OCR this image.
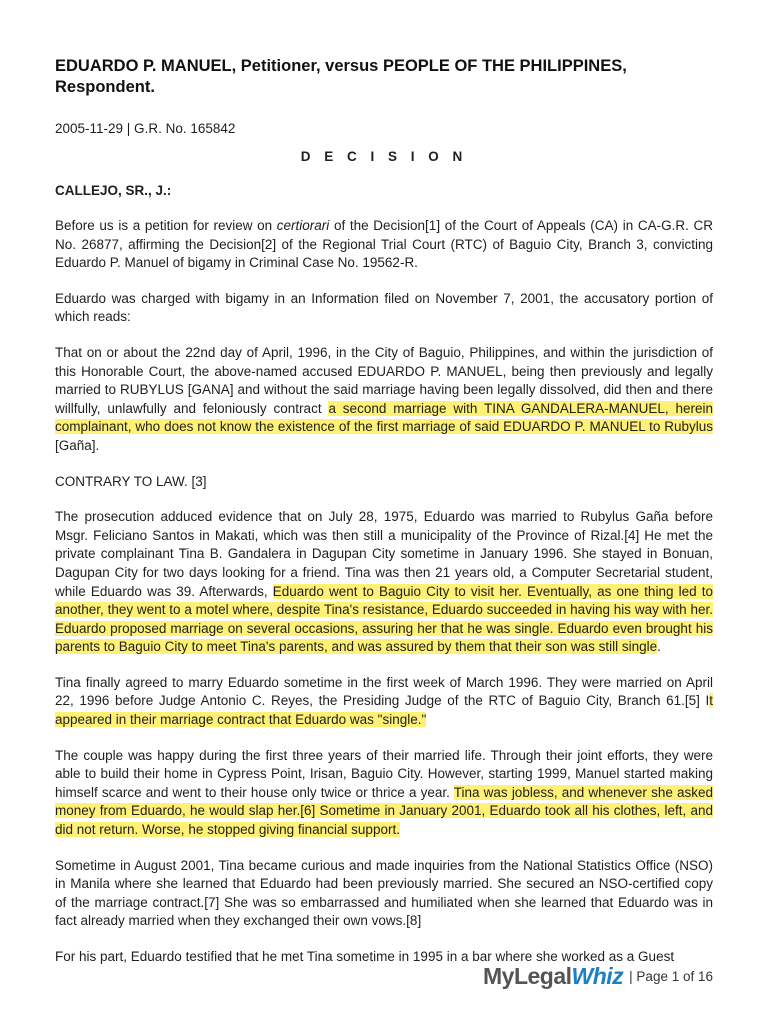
EDUARDO P. MANUEL, Petitioner, versus PEOPLE OF THE PHILIPPINES, Respondent.
2005-11-29 | G.R. No. 165842
D E C I S I O N
CALLEJO, SR., J.:

Before us is a petition for review on certiorari of the Decision[1] of the Court of Appeals (CA) in CA-G.R. CR No. 26877, affirming the Decision[2] of the Regional Trial Court (RTC) of Baguio City, Branch 3, convicting Eduardo P. Manuel of bigamy in Criminal Case No. 19562-R.

Eduardo was charged with bigamy in an Information filed on November 7, 2001, the accusatory portion of which reads:

That on or about the 22nd day of April, 1996, in the City of Baguio, Philippines, and within the jurisdiction of this Honorable Court, the above-named accused EDUARDO P. MANUEL, being then previously and legally married to RUBYLUS [GANA] and without the said marriage having been legally dissolved, did then and there willfully, unlawfully and feloniously contract a second marriage with TINA GANDALERA-MANUEL, herein complainant, who does not know the existence of the first marriage of said EDUARDO P. MANUEL to Rubylus [Gaña].

CONTRARY TO LAW. [3]

The prosecution adduced evidence that on July 28, 1975, Eduardo was married to Rubylus Gaña before Msgr. Feliciano Santos in Makati, which was then still a municipality of the Province of Rizal.[4] He met the private complainant Tina B. Gandalera in Dagupan City sometime in January 1996. She stayed in Bonuan, Dagupan City for two days looking for a friend. Tina was then 21 years old, a Computer Secretarial student, while Eduardo was 39. Afterwards, Eduardo went to Baguio City to visit her. Eventually, as one thing led to another, they went to a motel where, despite Tina's resistance, Eduardo succeeded in having his way with her. Eduardo proposed marriage on several occasions, assuring her that he was single. Eduardo even brought his parents to Baguio City to meet Tina's parents, and was assured by them that their son was still single.

Tina finally agreed to marry Eduardo sometime in the first week of March 1996. They were married on April 22, 1996 before Judge Antonio C. Reyes, the Presiding Judge of the RTC of Baguio City, Branch 61.[5] It appeared in their marriage contract that Eduardo was "single."

The couple was happy during the first three years of their married life. Through their joint efforts, they were able to build their home in Cypress Point, Irisan, Baguio City. However, starting 1999, Manuel started making himself scarce and went to their house only twice or thrice a year. Tina was jobless, and whenever she asked money from Eduardo, he would slap her.[6] Sometime in January 2001, Eduardo took all his clothes, left, and did not return. Worse, he stopped giving financial support.

Sometime in August 2001, Tina became curious and made inquiries from the National Statistics Office (NSO) in Manila where she learned that Eduardo had been previously married. She secured an NSO-certified copy of the marriage contract.[7] She was so embarrassed and humiliated when she learned that Eduardo was in fact already married when they exchanged their own vows.[8]

For his part, Eduardo testified that he met Tina sometime in 1995 in a bar where she worked as a Guest

MyLegalWhiz | Page 1 of 16
